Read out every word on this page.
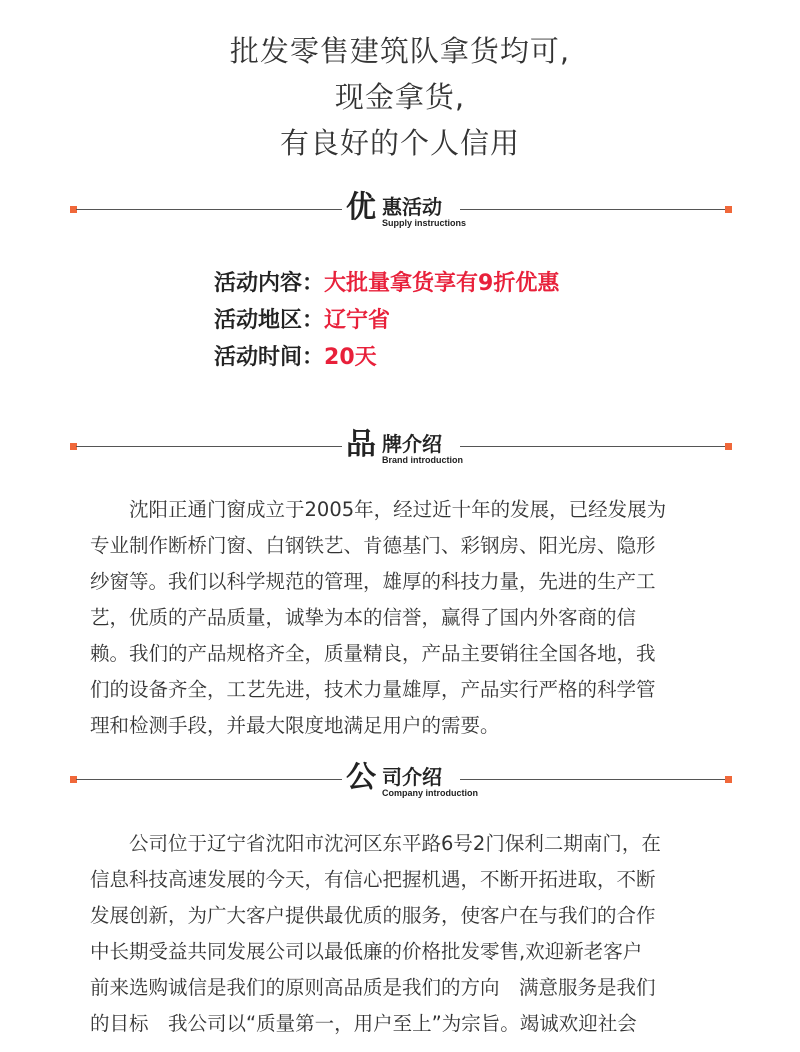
批发零售建筑队拿货均可,
现金拿货,
有良好的个人信用
优 惠活动
Supply instructions
活动内容：大批量拿货享有9折优惠
活动地区：辽宁省
活动时间：20天
品 牌介绍
Brand introduction
　　沈阳正通门窗成立于2005年，经过近十年的发展，已经发展为
专业制作断桥门窗、白钢铁艺、肯德基门、彩钢房、阳光房、隐形
纱窗等。我们以科学规范的管理，雄厚的科技力量，先进的生产工
艺，优质的产品质量，诚挚为本的信誉，赢得了国内外客商的信
赖。我们的产品规格齐全，质量精良，产品主要销往全国各地，我
们的设备齐全，工艺先进，技术力量雄厚，产品实行严格的科学管
理和检测手段，并最大限度地满足用户的需要。
公 司介绍
Company introduction
　　公司位于辽宁省沈阳市沈河区东平路6号2门保利二期南门，在
信息科技高速发展的今天，有信心把握机遇，不断开拓进取，不断
发展创新，为广大客户提供最优质的服务，使客户在与我们的合作
中长期受益共同发展公司以最低廉的价格批发零售,欢迎新老客户
前来选购诚信是我们的原则高品质是我们的方向　满意服务是我们
的目标　我公司以“质量第一，用户至上”为宗旨。竭诚欢迎社会
